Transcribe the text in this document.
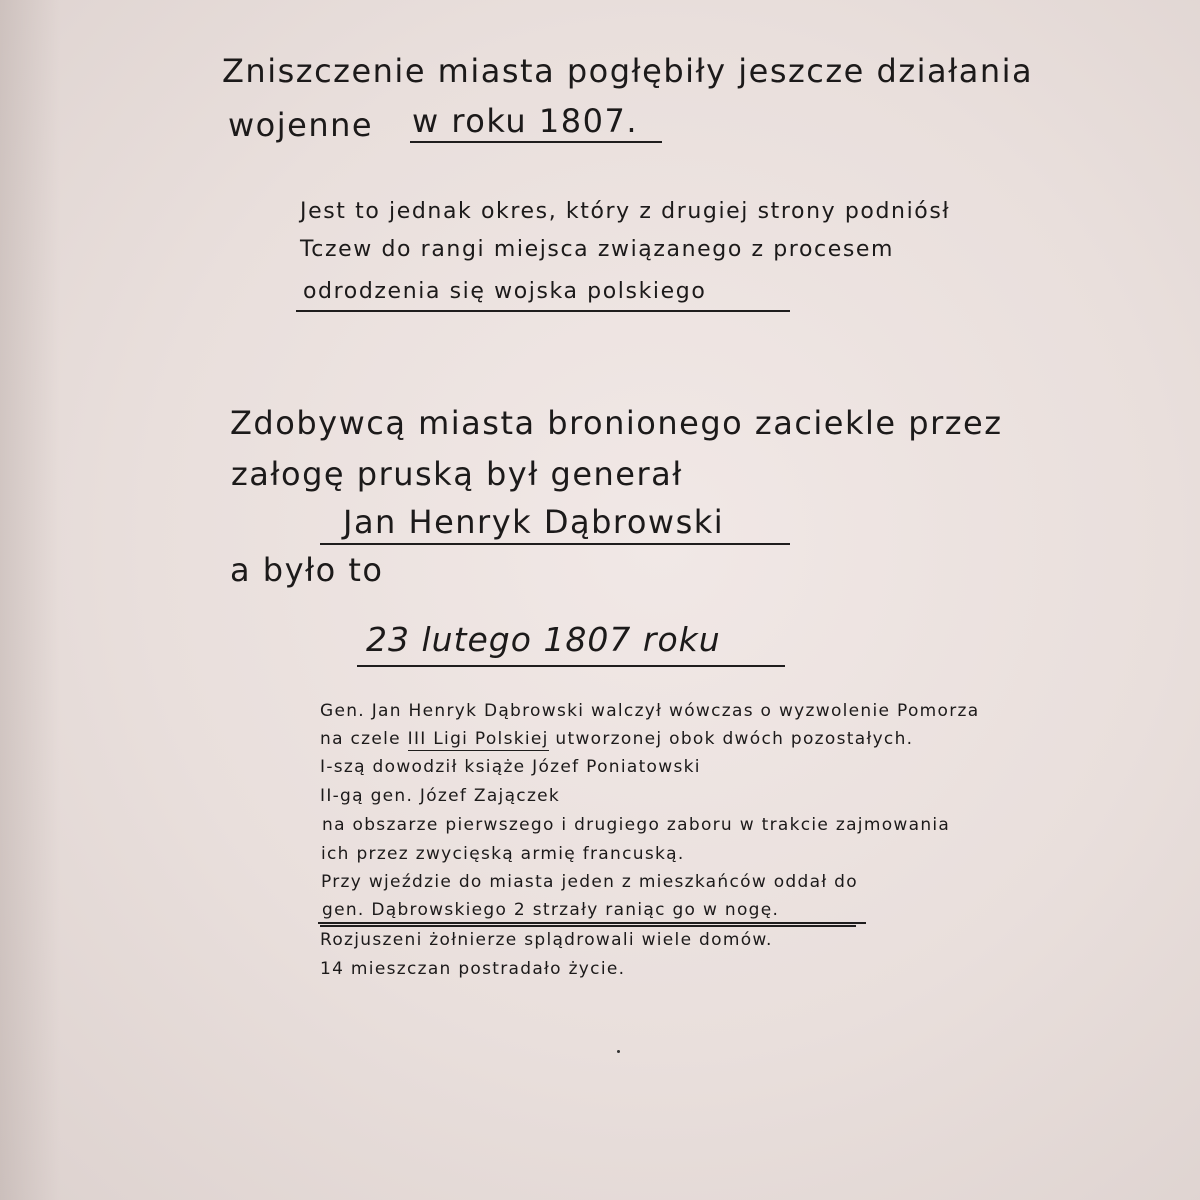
Zniszczenie miasta pogłębiły jeszcze działania

wojenne w roku 1807.

Jest to jednak okres, który z drugiej strony podniósł

Tczew do rangi miejsca związanego z procesem

odrodzenia się wojska polskiego

Zdobywcą miasta bronionego zaciekle przez

załogę pruską był generał

Jan Henryk Dąbrowski

a było to

23 lutego 1807 roku

Gen. Jan Henryk Dąbrowski walczył wówczas o wyzwolenie Pomorza

na czele III Ligi Polskiej utworzonej obok dwóch pozostałych.

I-szą dowodził książe Józef Poniatowski

II-gą gen. Józef Zajączek

na obszarze pierwszego i drugiego zaboru w trakcie zajmowania

ich przez zwycięską armię francuską.

Przy wjeździe do miasta jeden z mieszkańców oddał do

gen. Dąbrowskiego 2 strzały raniąc go w nogę.

Rozjuszeni żołnierze splądrowali wiele domów.

14 mieszczan postradało życie.
